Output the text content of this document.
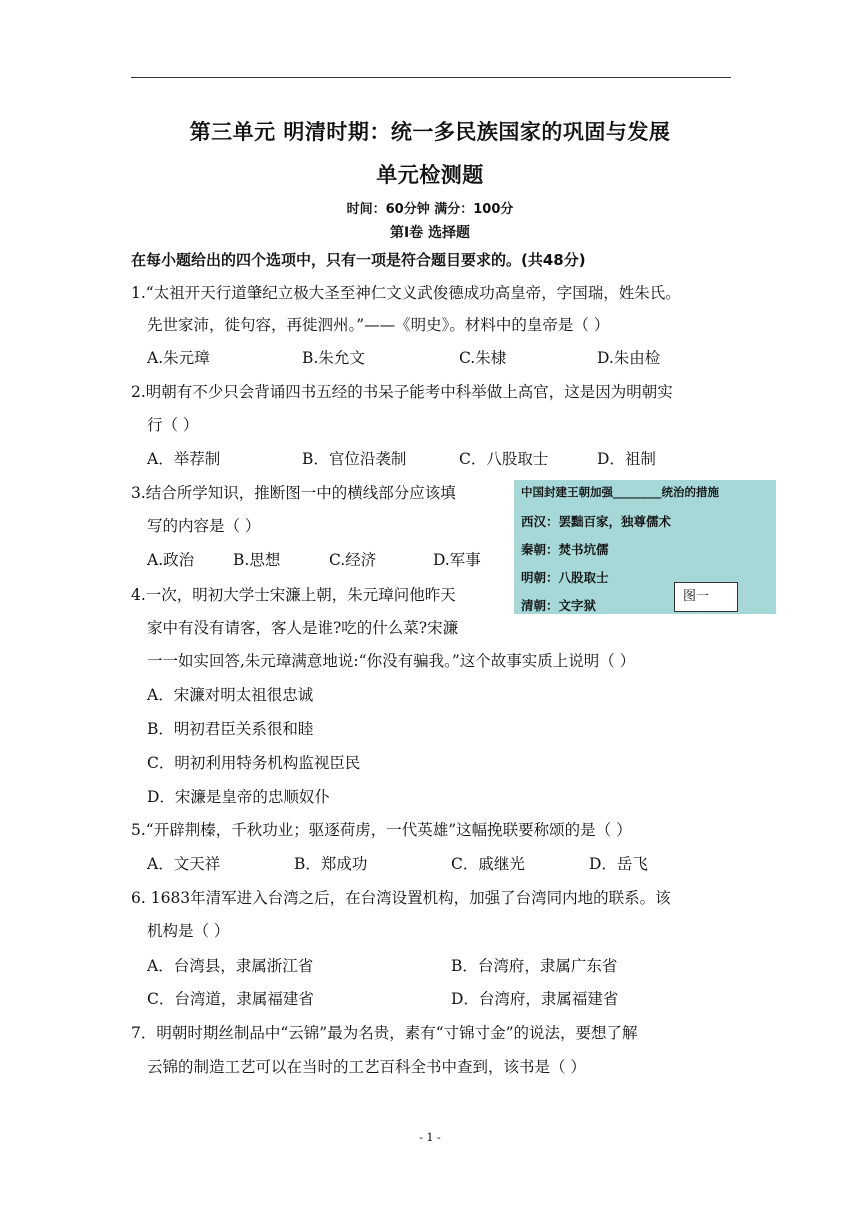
第三单元 明清时期：统一多民族国家的巩固与发展
单元检测题
时间：60分钟 满分：100分
第Ⅰ卷 选择题
在每小题给出的四个选项中，只有一项是符合题目要求的。(共48分)
1.“太祖开天行道肇纪立极大圣至神仁文义武俊德成功高皇帝，字国瑞，姓朱氏。
先世家沛，徙句容，再徙泗州。”——《明史》。材料中的皇帝是（ ）
A.朱元璋	B.朱允文	C.朱棣	D.朱由检
2.明朝有不少只会背诵四书五经的书呆子能考中科举做上高官，这是因为明朝实
行（ ）
A．举荐制	B．官位沿袭制	C．八股取士	D．祖制
3.结合所学知识，推断图一中的横线部分应该填
写的内容是（ ）
A.政治	B.思想	C.经济	D.军事
中国封建王朝加强_______统治的措施
西汉：罢黜百家，独尊儒术
秦朝：焚书坑儒
明朝：八股取士
清朝：文字狱
图一
4.一次，明初大学士宋濂上朝，朱元璋问他昨天
家中有没有请客，客人是谁?吃的什么菜?宋濂
一一如实回答,朱元璋满意地说:“你没有骗我。”这个故事实质上说明（ ）
A．宋濂对明太祖很忠诚
B．明初君臣关系很和睦
C．明初利用特务机构监视臣民
D．宋濂是皇帝的忠顺奴仆
5.“开辟荆榛，千秋功业；驱逐荷虏，一代英雄”这幅挽联要称颂的是（ ）
A．文天祥	B．郑成功	C．戚继光	D．岳飞
6. 1683年清军进入台湾之后，在台湾设置机构，加强了台湾同内地的联系。该
机构是（ ）
A．台湾县，隶属浙江省	B．台湾府，隶属广东省
C．台湾道，隶属福建省	D．台湾府，隶属福建省
7．明朝时期丝制品中“云锦”最为名贵，素有“寸锦寸金”的说法，要想了解
云锦的制造工艺可以在当时的工艺百科全书中查到，该书是（ ）
- 1 -
